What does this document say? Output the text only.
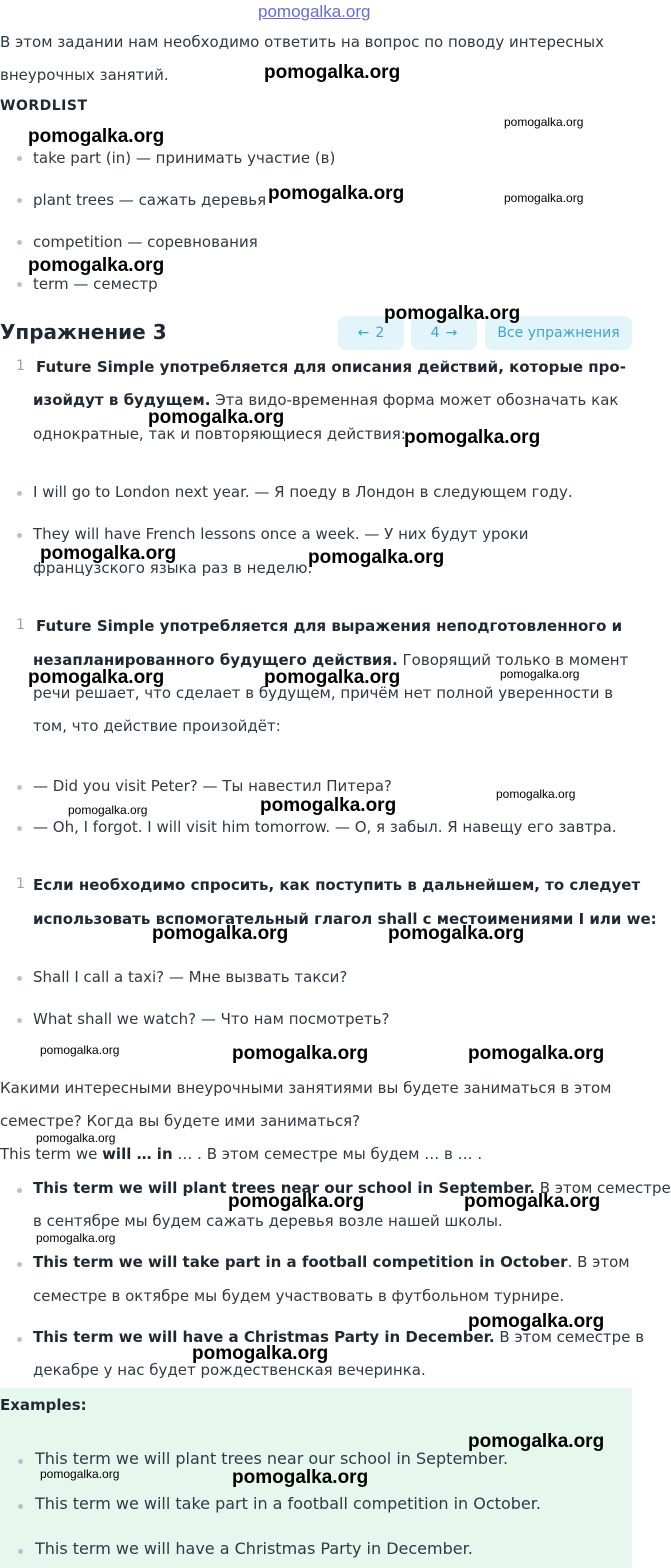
pomogalka.org
В этом задании нам необходимо ответить на вопрос по поводу интересных
внеурочных занятий.
WORDLIST
take part (in) — принимать участие (в)
plant trees — сажать деревья
competition — соревнования
term — семестр
Упражнение 3	← 2	4 →	Все упражнения
1 Future Simple употребляется для описания действий, которые про-
изойдут в будущем. Эта видо-временная форма может обозначать как
однократные, так и повторяющиеся действия:
I will go to London next year. — Я поеду в Лондон в следующем году.
They will have French lessons once a week. — У них будут уроки
французского языка раз в неделю.
1 Future Simple употребляется для выражения неподготовленного и
незапланированного будущего действия. Говорящий только в момент
речи решает, что сделает в будущем, причём нет полной уверенности в
том, что действие произойдёт:
— Did you visit Peter? — Ты навестил Питера?
— Oh, I forgot. I will visit him tomorrow. — О, я забыл. Я навещу его завтра.
1 Если необходимо спросить, как поступить в дальнейшем, то следует
использовать вспомогательный глагол shall с местоимениями I или we:
Shall I call a taxi? — Мне вызвать такси?
What shall we watch? — Что нам посмотреть?
Какими интересными внеурочными занятиями вы будете заниматься в этом
семестре? Когда вы будете ими заниматься?
This term we will … in … . В этом семестре мы будем … в … .
This term we will plant trees near our school in September. В этом семестре
в сентябре мы будем сажать деревья возле нашей школы.
This term we will take part in a football competition in October. В этом
семестре в октябре мы будем участвовать в футбольном турнире.
This term we will have a Christmas Party in December. В этом семестре в
декабре у нас будет рождественская вечеринка.
Examples:
This term we will plant trees near our school in September.
This term we will take part in a football competition in October.
This term we will have a Christmas Party in December.
pomogalka.org
pomogalka.org
pomogalka.org
pomogalka.org	pomogalka.org
pomogalka.org
pomogalka.org
pomogalka.org
pomogalka.org
pomogalka.org	pomogalka.org
pomogalka.org	pomogalka.org	pomogalka.org
pomogalka.org
pomogalka.org	pomogalka.org
pomogalka.org	pomogalka.org
pomogalka.org	pomogalka.org	pomogalka.org
pomogalka.org
pomogalka.org	pomogalka.org
pomogalka.org
pomogalka.org
pomogalka.org
pomogalka.org
pomogalka.org	pomogalka.org
